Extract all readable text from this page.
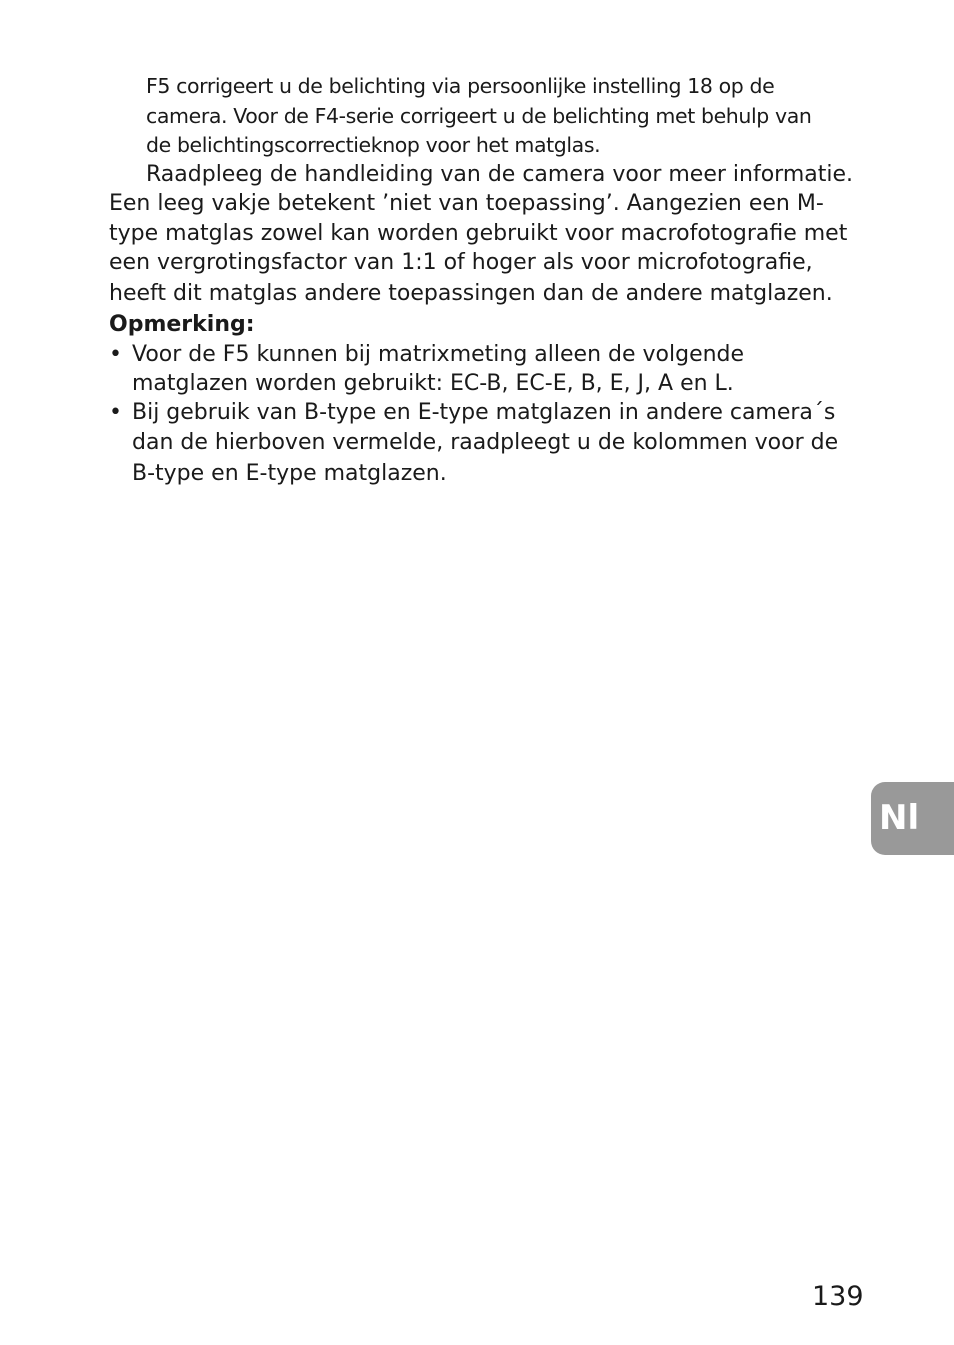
F5 corrigeert u de belichting via persoonlijke instelling 18 op de
camera. Voor de F4-serie corrigeert u de belichting met behulp van
de belichtingscorrectieknop voor het matglas.
Raadpleeg de handleiding van de camera voor meer informatie.
Een leeg vakje betekent ’niet van toepassing’. Aangezien een M-
type matglas zowel kan worden gebruikt voor macrofotografie met
een vergrotingsfactor van 1:1 of hoger als voor microfotografie,
heeft dit matglas andere toepassingen dan de andere matglazen.
Opmerking:
• Voor de F5 kunnen bij matrixmeting alleen de volgende
matglazen worden gebruikt: EC-B, EC-E, B, E, J, A en L.
• Bij gebruik van B-type en E-type matglazen in andere camera´s
dan de hierboven vermelde, raadpleegt u de kolommen voor de
B-type en E-type matglazen.
Nl
139
